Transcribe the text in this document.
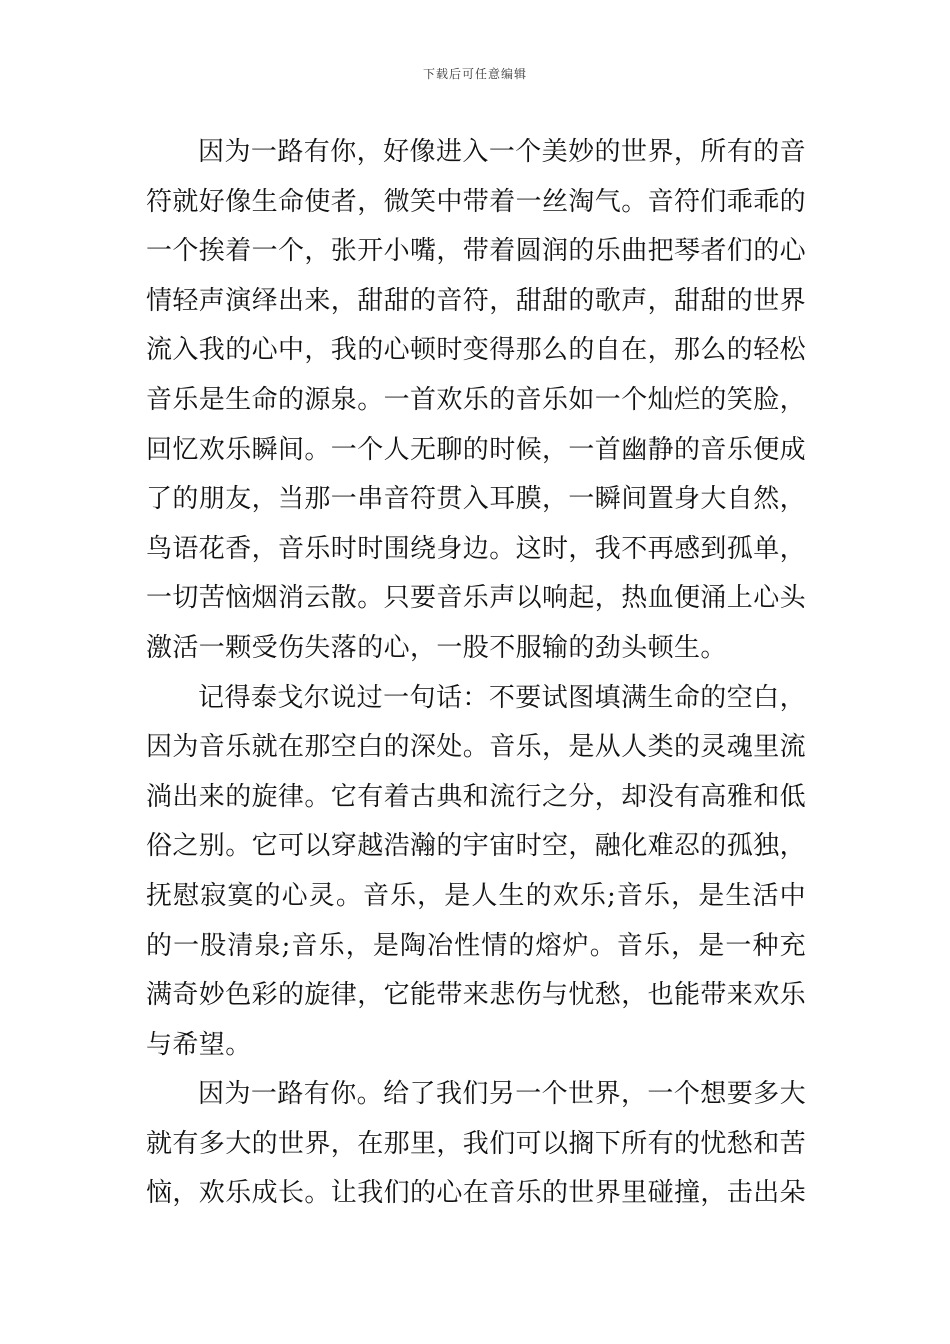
下载后可任意编辑

因为一路有你，好像进入一个美妙的世界，所有的音符就好像生命使者，微笑中带着一丝淘气。音符们乖乖的一个挨着一个，张开小嘴，带着圆润的乐曲把琴者们的心情轻声演绎出来，甜甜的音符，甜甜的歌声，甜甜的世界流入我的心中，我的心顿时变得那么的自在，那么的轻松音乐是生命的源泉。一首欢乐的音乐如一个灿烂的笑脸，回忆欢乐瞬间。一个人无聊的时候，一首幽静的音乐便成了的朋友，当那一串音符贯入耳膜，一瞬间置身大自然，鸟语花香，音乐时时围绕身边。这时，我不再感到孤单，一切苦恼烟消云散。只要音乐声以响起，热血便涌上心头激活一颗受伤失落的心，一股不服输的劲头顿生。

记得泰戈尔说过一句话：不要试图填满生命的空白，因为音乐就在那空白的深处。音乐，是从人类的灵魂里流淌出来的旋律。它有着古典和流行之分，却没有高雅和低俗之别。它可以穿越浩瀚的宇宙时空，融化难忍的孤独，抚慰寂寞的心灵。音乐，是人生的欢乐;音乐，是生活中的一股清泉;音乐，是陶冶性情的熔炉。音乐，是一种充满奇妙色彩的旋律，它能带来悲伤与忧愁，也能带来欢乐与希望。

因为一路有你。给了我们另一个世界，一个想要多大就有多大的世界，在那里，我们可以搁下所有的忧愁和苦恼，欢乐成长。让我们的心在音乐的世界里碰撞，击出朵
